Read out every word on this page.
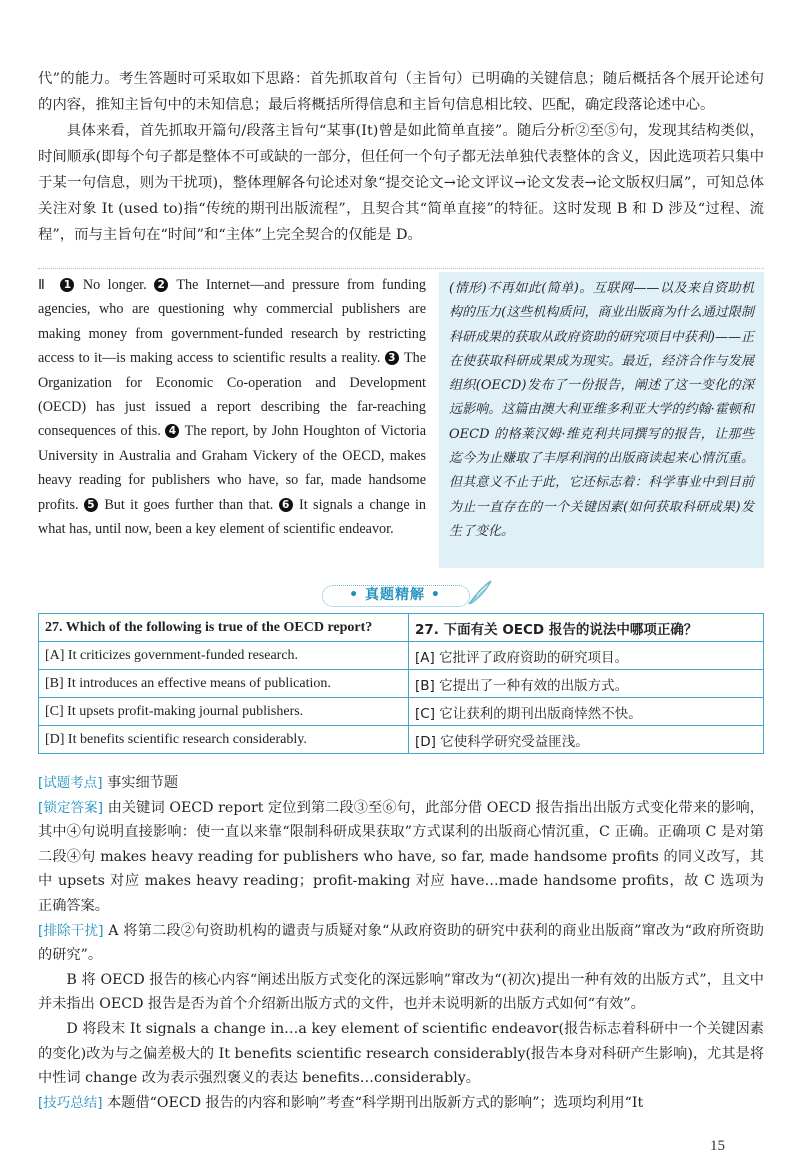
代”的能力。考生答题时可采取如下思路：首先抓取首句（主旨句）已明确的关键信息；随后概括各个展开论述句的内容，推知主旨句中的未知信息；最后将概括所得信息和主旨句信息相比较、匹配，确定段落论述中心。

具体来看，首先抓取开篇句/段落主旨句“某事(It)曾是如此简单直接”。随后分析②至⑤句，发现其结构类似，时间顺承(即每个句子都是整体不可或缺的一部分，但任何一个句子都无法单独代表整体的含义，因此选项若只集中于某一句信息，则为干扰项)，整体理解各句论述对象“提交论文→论文评议→论文发表→论文版权归属”，可知总体关注对象 It (used to)指“传统的期刊出版流程”，且契合其“简单直接”的特征。这时发现 B 和 D 涉及“过程、流程”，而与主旨句在“时间”和“主体”上完全契合的仅能是 D。

Ⅱ 1 No longer. 2 The Internet—and pressure from funding agencies, who are questioning why commercial publishers are making money from government-funded research by restricting access to it—is making access to scientific results a reality. 3 The Organization for Economic Co-operation and Development (OECD) has just issued a report describing the far-reaching consequences of this. 4 The report, by John Houghton of Victoria University in Australia and Graham Vickery of the OECD, makes heavy reading for publishers who have, so far, made handsome profits. 5 But it goes further than that. 6 It signals a change in what has, until now, been a key element of scientific endeavor.

(情形)不再如此(简单)。互联网——以及来自资助机构的压力(这些机构质问，商业出版商为什么通过限制科研成果的获取从政府资助的研究项目中获利)——正在使获取科研成果成为现实。最近，经济合作与发展组织(OECD)发布了一份报告，阐述了这一变化的深远影响。这篇由澳大利亚维多利亚大学的约翰·霍顿和 OECD 的格莱汉姆·维克利共同撰写的报告，让那些迄今为止赚取了丰厚利润的出版商读起来心情沉重。但其意义不止于此，它还标志着：科学事业中到目前为止一直存在的一个关键因素(如何获取科研成果)发生了变化。
• 真题精解 •
27. Which of the following is true of the OECD report?	27. 下面有关 OECD 报告的说法中哪项正确？
[A] It criticizes government-funded research.	[A] 它批评了政府资助的研究项目。
[B] It introduces an effective means of publication.	[B] 它提出了一种有效的出版方式。
[C] It upsets profit-making journal publishers.	[C] 它让获利的期刊出版商悻然不快。
[D] It benefits scientific research considerably.	[D] 它使科学研究受益匪浅。

[试题考点] 事实细节题

[锁定答案] 由关键词 OECD report 定位到第二段③至⑥句，此部分借 OECD 报告指出出版方式变化带来的影响，其中④句说明直接影响：使一直以来靠“限制科研成果获取”方式谋利的出版商心情沉重，C 正确。正确项 C 是对第二段④句 makes heavy reading for publishers who have, so far, made handsome profits 的同义改写，其中 upsets 对应 makes heavy reading；profit-making 对应 have…made handsome profits，故 C 选项为正确答案。

[排除干扰] A 将第二段②句资助机构的谴责与质疑对象“从政府资助的研究中获利的商业出版商”窜改为“政府所资助的研究”。

B 将 OECD 报告的核心内容“阐述出版方式变化的深远影响”窜改为“(初次)提出一种有效的出版方式”，且文中并未指出 OECD 报告是否为首个介绍新出版方式的文件，也并未说明新的出版方式如何“有效”。

D 将段末 It signals a change in…a key element of scientific endeavor(报告标志着科研中一个关键因素的变化)改为与之偏差极大的 It benefits scientific research considerably(报告本身对科研产生影响)，尤其是将中性词 change 改为表示强烈褒义的表达 benefits…considerably。

[技巧总结] 本题借“OECD 报告的内容和影响”考查“科学期刊出版新方式的影响”；选项均利用“It

15
